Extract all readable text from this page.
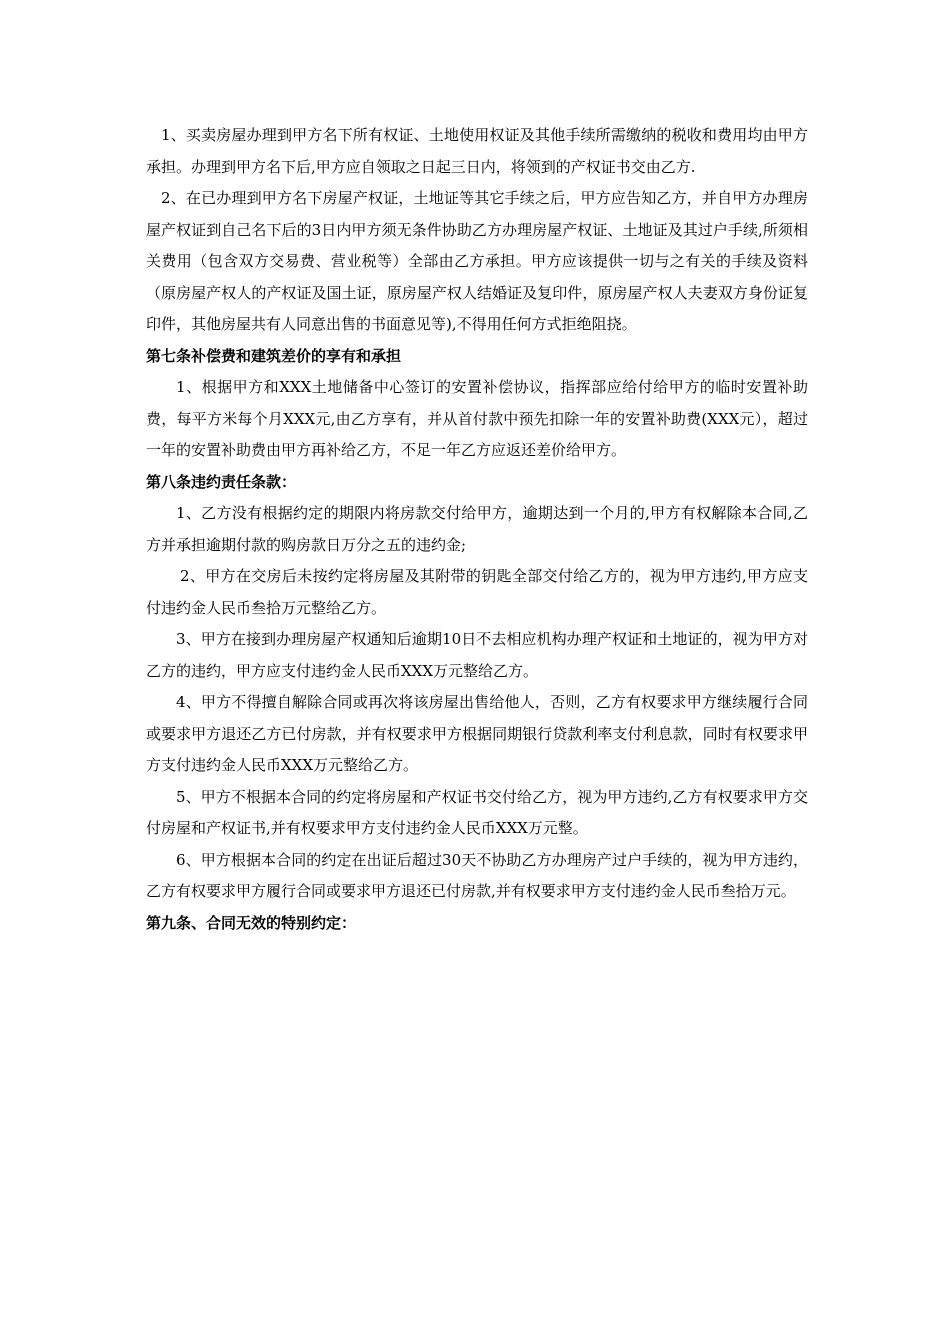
1、买卖房屋办理到甲方名下所有权证、土地使用权证及其他手续所需缴纳的税收和费用均由甲方承担。办理到甲方名下后,甲方应自领取之日起三日内，将领到的产权证书交由乙方.

2、在已办理到甲方名下房屋产权证，土地证等其它手续之后，甲方应告知乙方，并自甲方办理房屋产权证到自己名下后的3日内甲方须无条件协助乙方办理房屋产权证、土地证及其过户手续,所须相关费用（包含双方交易费、营业税等）全部由乙方承担。甲方应该提供一切与之有关的手续及资料（原房屋产权人的产权证及国土证，原房屋产权人结婚证及复印件，原房屋产权人夫妻双方身份证复印件，其他房屋共有人同意出售的书面意见等),不得用任何方式拒绝阻挠。

第七条补偿费和建筑差价的享有和承担

1、根据甲方和XXX土地储备中心签订的安置补偿协议，指挥部应给付给甲方的临时安置补助费，每平方米每个月XXX元,由乙方享有，并从首付款中预先扣除一年的安置补助费(XXX元），超过一年的安置补助费由甲方再补给乙方，不足一年乙方应返还差价给甲方。

第八条违约责任条款：

1、乙方没有根据约定的期限内将房款交付给甲方，逾期达到一个月的,甲方有权解除本合同,乙方并承担逾期付款的购房款日万分之五的违约金;

2、甲方在交房后未按约定将房屋及其附带的钥匙全部交付给乙方的，视为甲方违约,甲方应支付违约金人民币叁拾万元整给乙方。

3、甲方在接到办理房屋产权通知后逾期10日不去相应机构办理产权证和土地证的，视为甲方对乙方的违约，甲方应支付违约金人民币XXX万元整给乙方。

4、甲方不得擅自解除合同或再次将该房屋出售给他人，否则，乙方有权要求甲方继续履行合同或要求甲方退还乙方已付房款，并有权要求甲方根据同期银行贷款利率支付利息款，同时有权要求甲方支付违约金人民币XXX万元整给乙方。

5、甲方不根据本合同的约定将房屋和产权证书交付给乙方，视为甲方违约,乙方有权要求甲方交付房屋和产权证书,并有权要求甲方支付违约金人民币XXX万元整。

6、甲方根据本合同的约定在出证后超过30天不协助乙方办理房产过户手续的，视为甲方违约，乙方有权要求甲方履行合同或要求甲方退还已付房款,并有权要求甲方支付违约金人民币叁拾万元。

第九条、合同无效的特别约定：
